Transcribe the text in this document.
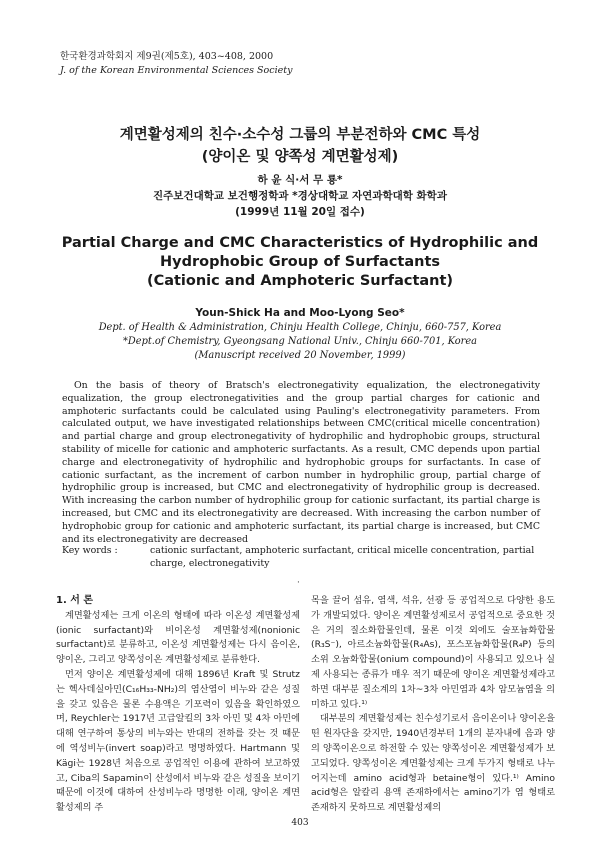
한국환경과학회지 제9권(제5호), 403~408, 2000
J. of the Korean Environmental Sciences Society
계면활성제의 친수·소수성 그룹의 부분전하와 CMC 특성
(양이온 및 양쪽성 계면활성제)
하 윤 식·서 무 룡*
진주보건대학교 보건행정학과 *경상대학교 자연과학대학 화학과
(1999년 11월 20일 접수)
Partial Charge and CMC Characteristics of Hydrophilic and
Hydrophobic Group of Surfactants
(Cationic and Amphoteric Surfactant)
Youn-Shick Ha and Moo-Lyong Seo*
Dept. of Health & Administration, Chinju Health College, Chinju, 660-757, Korea
*Dept.of Chemistry, Gyeongsang National Univ., Chinju 660-701, Korea
(Manuscript received 20 November, 1999)

On the basis of theory of Bratsch's electronegativity equalization, the electronegativity equalization, the group electronegativities and the group partial charges for cationic and amphoteric surfactants could be calculated using Pauling's electronegativity parameters. From calculated output, we have investigated relationships between CMC(critical micelle concentration) and partial charge and group electronegativity of hydrophilic and hydrophobic groups, structural stability of micelle for cationic and amphoteric surfactants. As a result, CMC depends upon partial charge and electronegativity of hydrophilic and hydrophobic groups for surfactants. In case of cationic surfactant, as the increment of carbon number in hydrophilic group, partial charge of hydrophilic group is increased, but CMC and electronegativity of hydrophilic group is decreased. With increasing the carbon number of hydrophilic group for cationic surfactant, its partial charge is increased, but CMC and its electronegativity are decreased. With increasing the carbon number of hydrophobic group for cationic and amphoteric surfactant, its partial charge is increased, but CMC and its electronegativity are decreased

Key words :	cationic surfactant, amphoteric surfactant, critical micelle concentration, partial charge, electronegativity
·

1. 서 론

계면활성제는 크게 이온의 형태에 따라 이온성 계면활성제(ionic surfactant)와 비이온성 계면활성제(nonionic surfactant)로 분류하고, 이온성 계면활성제는 다시 음이온, 양이온, 그리고 양쪽성이온 계면활성제로 분류한다.

먼저 양이온 계면활성제에 대해 1896년 Kraft 및 Strutz는 헥사데실아민(C₁₆H₃₃-NH₂)의 염산염이 비누와 같은 성질을 갖고 있음은 물론 수용액은 기포력이 있음을 확인하였으며, Reychler는 1917년 고급알킬의 3차 아민 및 4차 아민에 대해 연구하여 통상의 비누와는 반대의 전하를 갖는 것 때문에 역성비누(invert soap)라고 명명하였다. Hartmann 및 Kägi는 1928년 처음으로 공업적인 이용에 관하여 보고하였고, Ciba의 Sapamin이 산성에서 비누와 같은 성질을 보이기 때문에 이것에 대하여 산성비누라 명명한 이래, 양이온 계면활성제의 주

목을 끌어 섬유, 염색, 석유, 선광 등 공업적으로 다양한 용도가 개발되었다. 양이온 계면활성제로서 공업적으로 중요한 것은 거의 질소화합물인데, 물론 이것 외에도 술포늄화합물(R₃S⁻), 아르소늄화합물(R₄As), 포스포늄화합물(R₄P) 등의 소위 오늄화합물(onium compound)이 사용되고 있으나 실제 사용되는 종류가 매우 적기 때문에 양이온 계면활성제라고 하면 대부분 질소계의 1차~3차 아민염과 4차 암모늄염을 의미하고 있다.¹⁾

대부분의 계면활성제는 친수성기로서 음이온이나 양이온을 띤 원자단을 갖지만, 1940년경부터 1개의 분자내에 음과 양의 양쪽이온으로 하전할 수 있는 양쪽성이온 계면활성제가 보고되었다. 양쪽성이온 계면활성제는 크게 두가지 형태로 나누어지는데 amino acid형과 betaine형이 있다.¹⁾ Amino acid형은 알칼리 용액 존재하에서는 amino기가 염 형태로 존재하지 못하므로 계면활성제의

403
